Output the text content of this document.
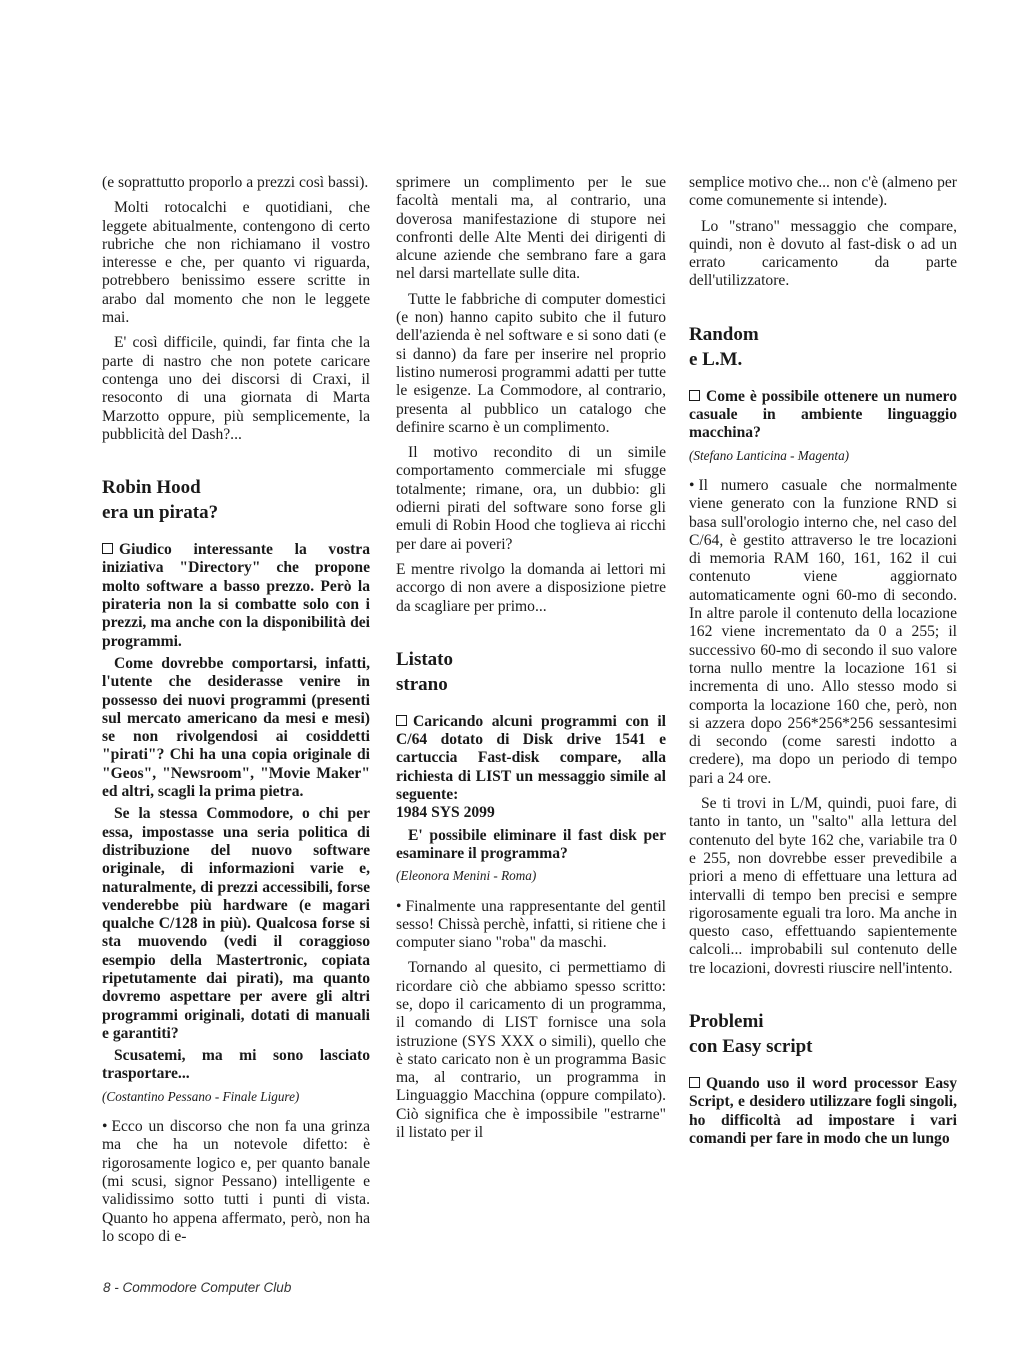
(e soprattutto proporlo a prezzi così bassi).

Molti rotocalchi e quotidiani, che leggete abitualmente, contengono di certo rubriche che non richiamano il vostro interesse e che, per quanto vi riguarda, potrebbero benissimo essere scritte in arabo dal momento che non le leggete mai.

E' così difficile, quindi, far finta che la parte di nastro che non potete caricare contenga uno dei discorsi di Craxi, il resoconto di una giornata di Marta Marzotto oppure, più semplicemente, la pubblicità del Dash?...

Robin Hood
era un pirata?

Giudico interessante la vostra iniziativa "Directory" che propone molto software a basso prezzo. Però la pirateria non la si combatte solo con i prezzi, ma anche con la disponibilità dei programmi.

Come dovrebbe comportarsi, infatti, l'utente che desiderasse venire in possesso dei nuovi programmi (presenti sul mercato americano da mesi e mesi) se non rivolgendosi ai cosiddetti "pirati"? Chi ha una copia originale di "Geos", "Newsroom", "Movie Maker" ed altri, scagli la prima pietra.

Se la stessa Commodore, o chi per essa, impostasse una seria politica di distribuzione del nuovo software originale, di informazioni varie e, naturalmente, di prezzi accessibili, forse venderebbe più hardware (e magari qualche C/128 in più). Qualcosa forse si sta muovendo (vedi il coraggioso esempio della Mastertronic, copiata ripetutamente dai pirati), ma quanto dovremo aspettare per avere gli altri programmi originali, dotati di manuali e garantiti?

Scusatemi, ma mi sono lasciato trasportare...

(Costantino Pessano - Finale Ligure)

• Ecco un discorso che non fa una grinza ma che ha un notevole difetto: è rigorosamente logico e, per quanto banale (mi scusi, signor Pessano) intelligente e validissimo sotto tutti i punti di vista. Quanto ho appena affermato, però, non ha lo scopo di e-

sprimere un complimento per le sue facoltà mentali ma, al contrario, una doverosa manifestazione di stupore nei confronti delle Alte Menti dei dirigenti di alcune aziende che sembrano fare a gara nel darsi martellate sulle dita.

Tutte le fabbriche di computer domestici (e non) hanno capito subito che il futuro dell'azienda è nel software e si sono dati (e si danno) da fare per inserire nel proprio listino numerosi programmi adatti per tutte le esigenze. La Commodore, al contrario, presenta al pubblico un catalogo che definire scarno è un complimento.

Il motivo recondito di un simile comportamento commerciale mi sfugge totalmente; rimane, ora, un dubbio: gli odierni pirati del software sono forse gli emuli di Robin Hood che toglieva ai ricchi per dare ai poveri?

E mentre rivolgo la domanda ai lettori mi accorgo di non avere a disposizione pietre da scagliare per primo...

Listato
strano

Caricando alcuni programmi con il C/64 dotato di Disk drive 1541 e cartuccia Fast-disk compare, alla richiesta di LIST un messaggio simile al seguente:
1984 SYS 2099

E' possibile eliminare il fast disk per esaminare il programma?

(Eleonora Menini - Roma)

• Finalmente una rappresentante del gentil sesso! Chissà perchè, infatti, si ritiene che i computer siano "roba" da maschi.

Tornando al quesito, ci permettiamo di ricordare ciò che abbiamo spesso scritto: se, dopo il caricamento di un programma, il comando di LIST fornisce una sola istruzione (SYS XXX o simili), quello che è stato caricato non è un programma Basic ma, al contrario, un programma in Linguaggio Macchina (oppure compilato). Ciò significa che è impossibile "estrarne" il listato per il

semplice motivo che... non c'è (almeno per come comunemente si intende).

Lo "strano" messaggio che compare, quindi, non è dovuto al fast-disk o ad un errato caricamento da parte dell'utilizzatore.

Random
e L.M.

Come è possibile ottenere un numero casuale in ambiente linguaggio macchina?

(Stefano Lanticina - Magenta)

• Il numero casuale che normalmente viene generato con la funzione RND si basa sull'orologio interno che, nel caso del C/64, è gestito attraverso le tre locazioni di memoria RAM 160, 161, 162 il cui contenuto viene aggiornato automaticamente ogni 60-mo di secondo. In altre parole il contenuto della locazione 162 viene incrementato da 0 a 255; il successivo 60-mo di secondo il suo valore torna nullo mentre la locazione 161 si incrementa di uno. Allo stesso modo si comporta la locazione 160 che, però, non si azzera dopo 256*256*256 sessantesimi di secondo (come saresti indotto a credere), ma dopo un periodo di tempo pari a 24 ore.

Se ti trovi in L/M, quindi, puoi fare, di tanto in tanto, un "salto" alla lettura del contenuto del byte 162 che, variabile tra 0 e 255, non dovrebbe esser prevedibile a priori a meno di effettuare una lettura ad intervalli di tempo ben precisi e sempre rigorosamente eguali tra loro. Ma anche in questo caso, effettuando sapientemente calcoli... improbabili sul contenuto delle tre locazioni, dovresti riuscire nell'intento.

Problemi
con Easy script

Quando uso il word processor Easy Script, e desidero utilizzare fogli singoli, ho difficoltà ad impostare i vari comandi per fare in modo che un lungo

8 - Commodore Computer Club
